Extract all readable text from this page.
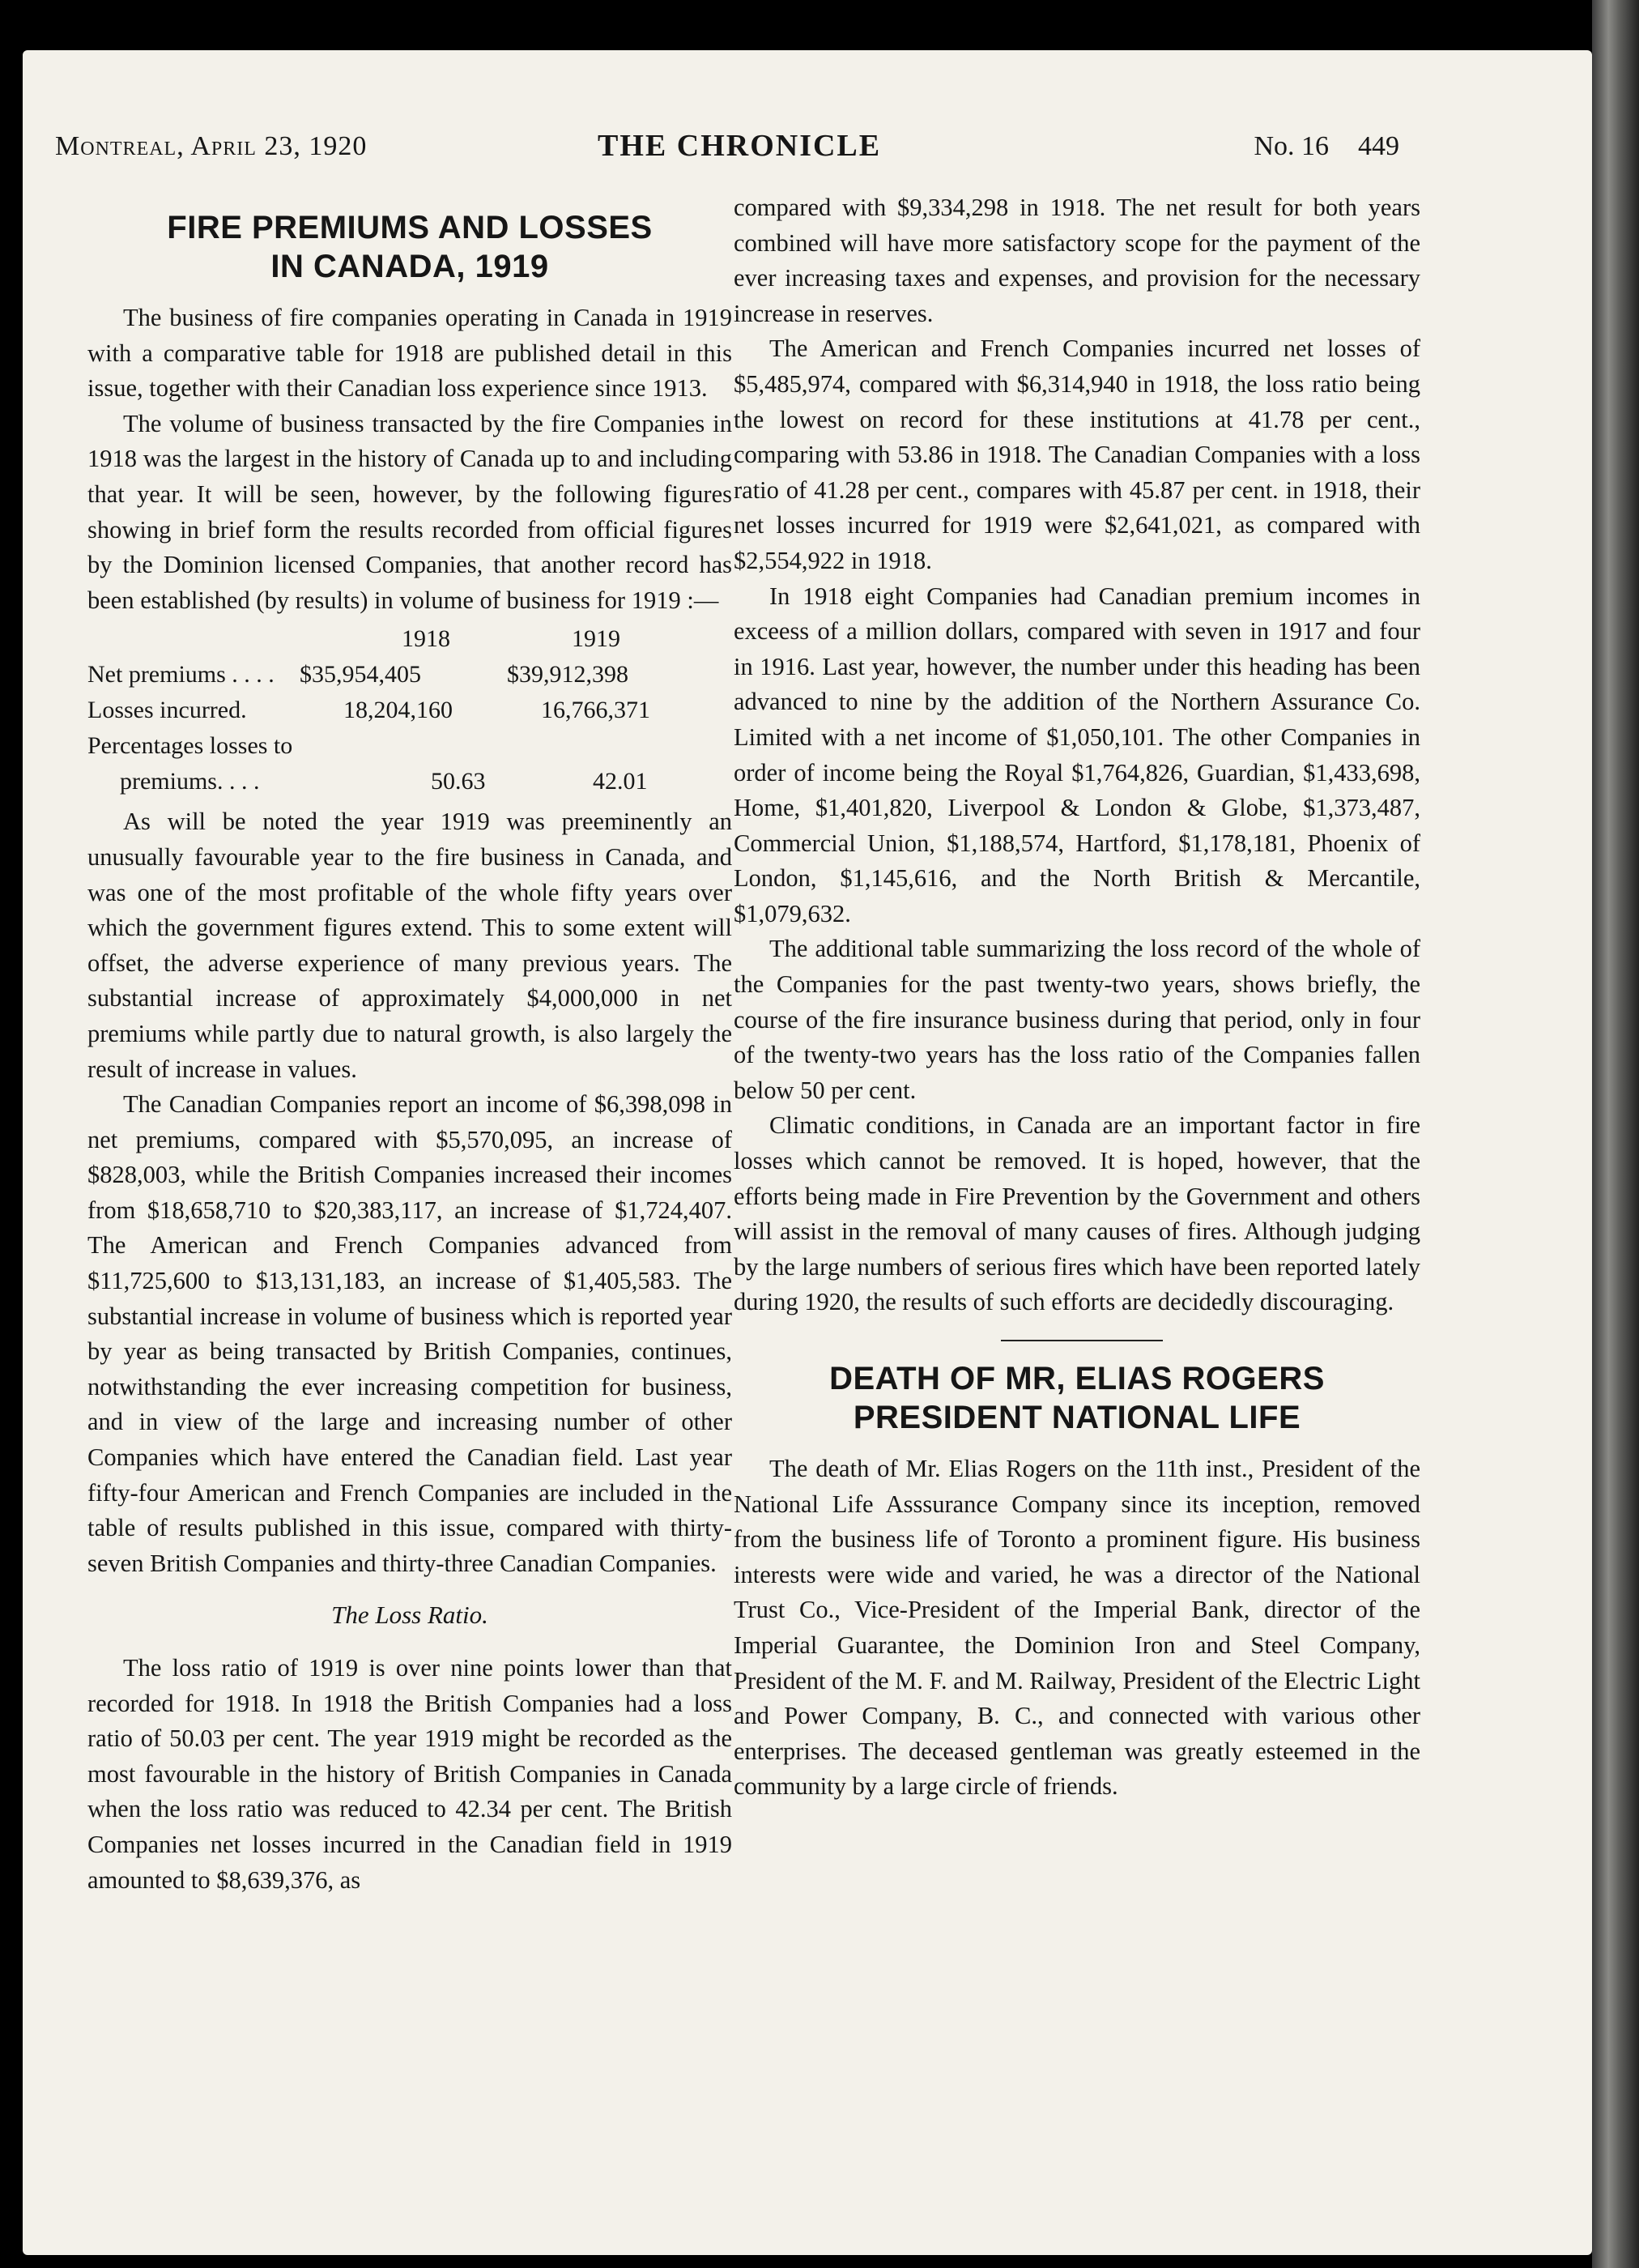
Montreal, April 23, 1920	THE CHRONICLE	No. 16 449
FIRE PREMIUMS AND LOSSES
IN CANADA, 1919

The business of fire companies operating in Canada in 1919 with a comparative table for 1918 are published detail in this issue, together with their Canadian loss experience since 1913.

The volume of business transacted by the fire Companies in 1918 was the largest in the history of Canada up to and including that year. It will be seen, however, by the following figures showing in brief form the results recorded from official figures by the Dominion licensed Companies, that another record has been established (by results) in volume of business for 1919 :—

1918	1919
Net premiums . . . . $35,954,405	$39,912,398
Losses incurred.	18,204,160	16,766,371
Percentages losses to
premiums. . . .	50.63	42.01

As will be noted the year 1919 was preeminently an unusually favourable year to the fire business in Canada, and was one of the most profitable of the whole fifty years over which the government figures extend. This to some extent will offset, the adverse experience of many previous years. The substantial increase of approximately $4,000,000 in net premiums while partly due to natural growth, is also largely the result of increase in values.

The Canadian Companies report an income of $6,398,098 in net premiums, compared with $5,570,095, an increase of $828,003, while the British Companies increased their incomes from $18,658,710 to $20,383,117, an increase of $1,724,407. The American and French Companies advanced from $11,725,600 to $13,131,183, an increase of $1,405,583. The substantial increase in volume of business which is reported year by year as being transacted by British Companies, continues, notwithstanding the ever increasing competition for business, and in view of the large and increasing number of other Companies which have entered the Canadian field. Last year fifty-four American and French Companies are included in the table of results published in this issue, compared with thirty-seven British Companies and thirty-three Canadian Companies.

The Loss Ratio.

The loss ratio of 1919 is over nine points lower than that recorded for 1918. In 1918 the British Companies had a loss ratio of 50.03 per cent. The year 1919 might be recorded as the most favourable in the history of British Companies in Canada when the loss ratio was reduced to 42.34 per cent. The British Companies net losses incurred in the Canadian field in 1919 amounted to $8,639,376, as

compared with $9,334,298 in 1918. The net result for both years combined will have more satisfactory scope for the payment of the ever increasing taxes and expenses, and provision for the necessary increase in reserves.

The American and French Companies incurred net losses of $5,485,974, compared with $6,314,940 in 1918, the loss ratio being the lowest on record for these institutions at 41.78 per cent., comparing with 53.86 in 1918. The Canadian Companies with a loss ratio of 41.28 per cent., compares with 45.87 per cent. in 1918, their net losses incurred for 1919 were $2,641,021, as compared with $2,554,922 in 1918.

In 1918 eight Companies had Canadian premium incomes in exceess of a million dollars, compared with seven in 1917 and four in 1916. Last year, however, the number under this heading has been advanced to nine by the addition of the Northern Assurance Co. Limited with a net income of $1,050,101. The other Companies in order of income being the Royal $1,764,826, Guardian, $1,433,698, Home, $1,401,820, Liverpool & London & Globe, $1,373,487, Commercial Union, $1,188,574, Hartford, $1,178,181, Phoenix of London, $1,145,616, and the North British & Mercantile, $1,079,632.

The additional table summarizing the loss record of the whole of the Companies for the past twenty-two years, shows briefly, the course of the fire insurance business during that period, only in four of the twenty-two years has the loss ratio of the Companies fallen below 50 per cent.

Climatic conditions, in Canada are an important factor in fire losses which cannot be removed. It is hoped, however, that the efforts being made in Fire Prevention by the Government and others will assist in the removal of many causes of fires. Although judging by the large numbers of serious fires which have been reported lately during 1920, the results of such efforts are decidedly discouraging.

DEATH OF MR, ELIAS ROGERS
PRESIDENT NATIONAL LIFE

The death of Mr. Elias Rogers on the 11th inst., President of the National Life Asssurance Company since its inception, removed from the business life of Toronto a prominent figure. His business interests were wide and varied, he was a director of the National Trust Co., Vice-President of the Imperial Bank, director of the Imperial Guarantee, the Dominion Iron and Steel Company, President of the M. F. and M. Railway, President of the Electric Light and Power Company, B. C., and connected with various other enterprises. The deceased gentleman was greatly esteemed in the community by a large circle of friends.
